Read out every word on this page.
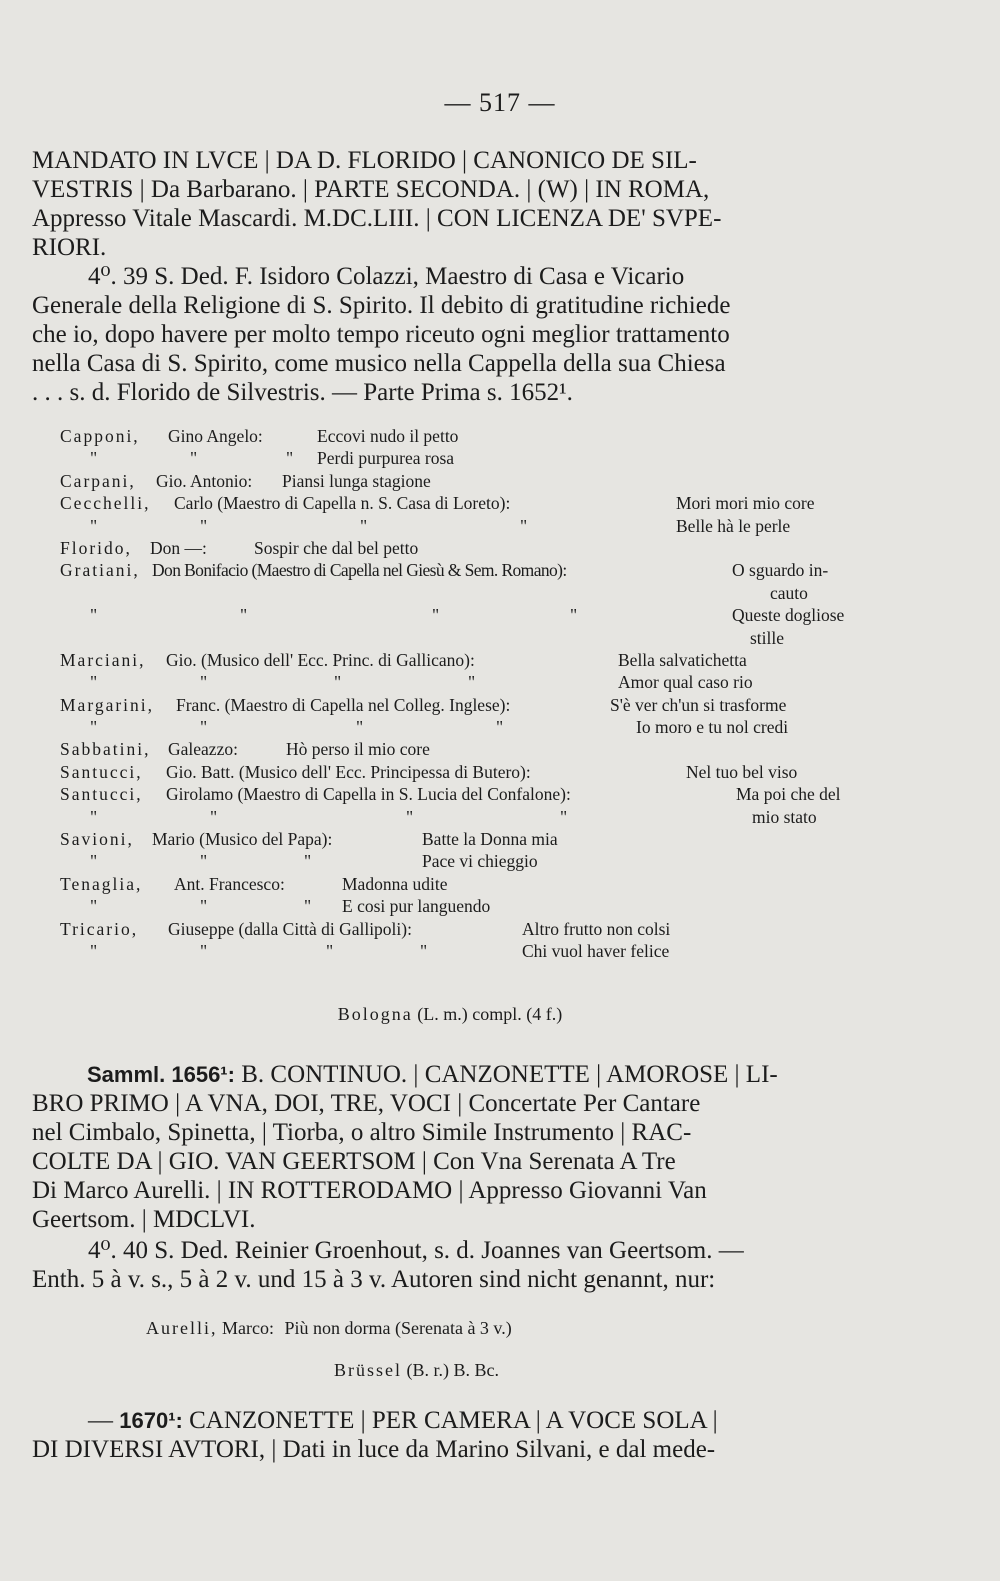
— 517 —

MANDATO IN LVCE | DA D. FLORIDO | CANONICO DE SIL-

VESTRIS | Da Barbarano. | PARTE SECONDA. | (W) | IN ROMA,

Appresso Vitale Mascardi. M.DC.LIII. | CON LICENZA DE' SVPE-

RIORI.

4⁰. 39 S. Ded. F. Isidoro Colazzi, Maestro di Casa e Vicario

Generale della Religione di S. Spirito. Il debito di gratitudine richiede

che io, dopo havere per molto tempo riceuto ogni meglior trattamento

nella Casa di S. Spirito, come musico nella Cappella della sua Chiesa

. . . s. d. Florido de Silvestris. — Parte Prima s. 1652¹.

Capponi, Gino Angelo:	Eccovi nudo il petto
"	"	" Perdi purpurea rosa
Carpani, Gio. Antonio: Piansi lunga stagione
Cecchelli, Carlo (Maestro di Capella n. S. Casa di Loreto):	Mori mori mio core
"	"	"	"	Belle hà le perle
Florido, Don —:	Sospir che dal bel petto
Gratiani, Don Bonifacio (Maestro di Capella nel Giesù & Sem. Romano):	O sguardo in-
cauto
"	"	"	"	Queste dogliose
stille
Marciani, Gio. (Musico dell' Ecc. Princ. di Gallicano):	Bella salvatichetta
"	"	"	"	Amor qual caso rio
Margarini, Franc. (Maestro di Capella nel Colleg. Inglese):	S'è ver ch'un si trasforme
"	"	"	"	Io moro e tu nol credi
Sabbatini, Galeazzo:	Hò perso il mio core
Santucci, Gio. Batt. (Musico dell' Ecc. Principessa di Butero):	Nel tuo bel viso
Santucci, Girolamo (Maestro di Capella in S. Lucia del Confalone):	Ma poi che del
"	"	"	"	mio stato
Savioni, Mario (Musico del Papa):	Batte la Donna mia
"	"	"	Pace vi chieggio
Tenaglia, Ant. Francesco:	Madonna udite
"	"	" E cosi pur languendo
Tricario, Giuseppe (dalla Città di Gallipoli):	Altro frutto non colsi
"	"	"	"	Chi vuol haver felice
Bologna (L. m.) compl. (4 f.)

Samml. 1656¹: B. CONTINUO. | CANZONETTE | AMOROSE | LI-

BRO PRIMO | A VNA, DOI, TRE, VOCI | Concertate Per Cantare

nel Cimbalo, Spinetta, | Tiorba, o altro Simile Instrumento | RAC-

COLTE DA | GIO. VAN GEERTSOM | Con Vna Serenata A Tre

Di Marco Aurelli. | IN ROTTERODAMO | Appresso Giovanni Van

Geertsom. | MDCLVI.

4⁰. 40 S. Ded. Reinier Groenhout, s. d. Joannes van Geertsom. —

Enth. 5 à v. s., 5 à 2 v. und 15 à 3 v. Autoren sind nicht genannt, nur:

Aurelli, Marco: Più non dorma (Serenata à 3 v.)
Brüssel (B. r.) B. Bc.

— 1670¹: CANZONETTE | PER CAMERA | A VOCE SOLA |

DI DIVERSI AVTORI, | Dati in luce da Marino Silvani, e dal mede-
